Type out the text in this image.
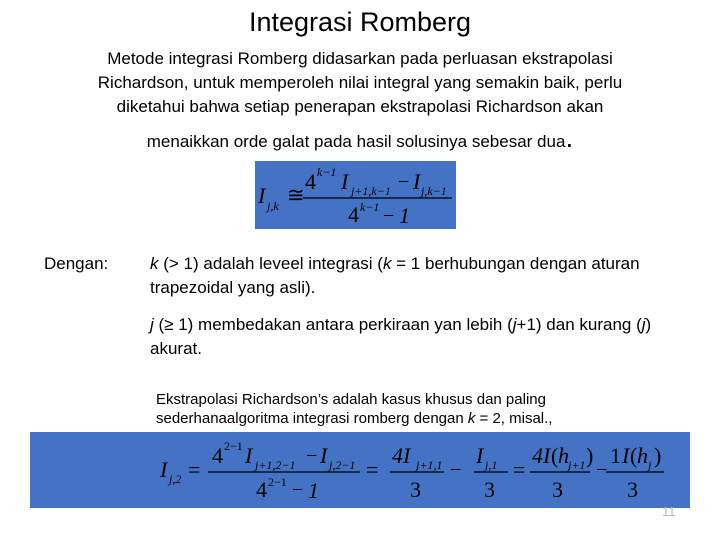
Integrasi Romberg
Metode integrasi Romberg didasarkan pada perluasan ekstrapolasi Richardson, untuk memperoleh nilai integral yang semakin baik, perlu diketahui bahwa setiap penerapan ekstrapolasi Richardson akan
menaikkan orde galat pada hasil solusinya sebesar dua.
I j,k ≅
4 k−1 I j+1,k−1 − I j,k−1
4 k−1 − 1
Dengan: k (> 1) adalah leveel integrasi (k = 1 berhubungan dengan aturan trapezoidal yang asli).
j (≥ 1) membedakan antara perkiraan yan lebih (j+1) dan kurang (j) akurat.
Ekstrapolasi Richardson’s adalah kasus khusus dan paling sederhanaalgoritma integrasi romberg dengan k = 2, misal.,
I j,2 =
4 2−1 I j+1,2−1 − I j,2−1
4 2−1 − 1
=
4I j+1,1
3
−
I j,1
3
=
4I ( h j+1 )
3
−
1 I ( h j )
3
11
